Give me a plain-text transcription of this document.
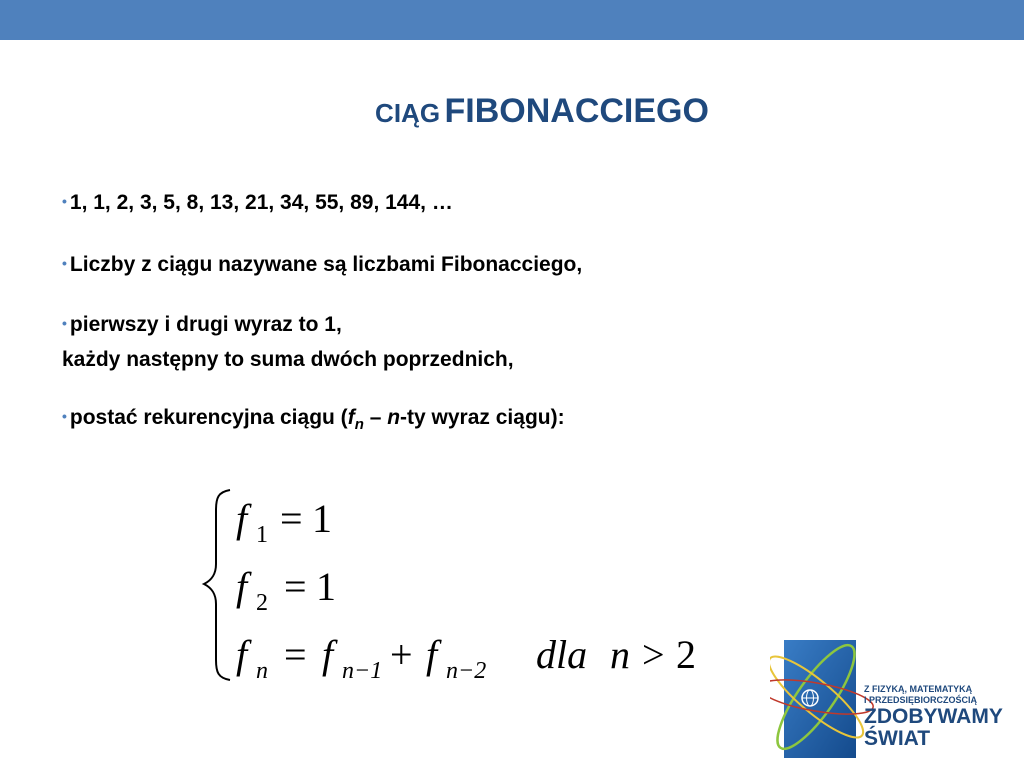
CIĄG FIBONACCIEGO
• 1, 1, 2, 3, 5, 8, 13, 21, 34, 55, 89, 144, …
• Liczby z ciągu nazywane są liczbami Fibonacciego,
• pierwszy i drugi wyraz to 1,
każdy następny to suma dwóch poprzednich,
• postać rekurencyjna ciągu ($f_n - n-ty$ wyraz ciągu):
f 1 = 1
f 2 = 1
f n = f n−1 + f n−2 dla n > 2
Z FIZYKĄ, MATEMATYKĄ
I PRZEDSIĘBIORCZOŚCIĄ
ZDOBYWAMY
ŚWIAT
